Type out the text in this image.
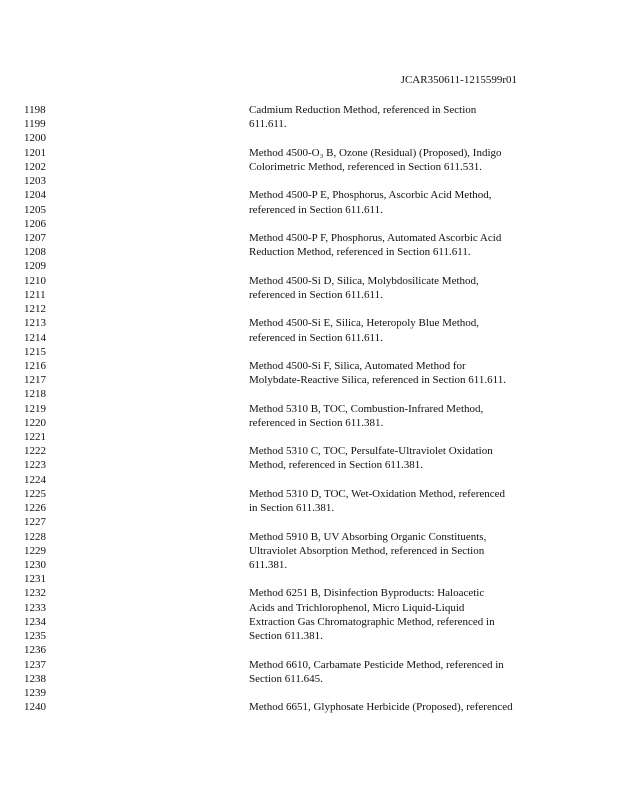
JCAR350611-1215599r01
1198	Cadmium Reduction Method, referenced in Section
1199	611.611.
1200
1201	Method 4500-O₃ B, Ozone (Residual) (Proposed), Indigo
1202	Colorimetric Method, referenced in Section 611.531.
1203
1204	Method 4500-P E, Phosphorus, Ascorbic Acid Method,
1205	referenced in Section 611.611.
1206
1207	Method 4500-P F, Phosphorus, Automated Ascorbic Acid
1208	Reduction Method, referenced in Section 611.611.
1209
1210	Method 4500-Si D, Silica, Molybdosilicate Method,
1211	referenced in Section 611.611.
1212
1213	Method 4500-Si E, Silica, Heteropoly Blue Method,
1214	referenced in Section 611.611.
1215
1216	Method 4500-Si F, Silica, Automated Method for
1217	Molybdate-Reactive Silica, referenced in Section 611.611.
1218
1219	Method 5310 B, TOC, Combustion-Infrared Method,
1220	referenced in Section 611.381.
1221
1222	Method 5310 C, TOC, Persulfate-Ultraviolet Oxidation
1223	Method, referenced in Section 611.381.
1224
1225	Method 5310 D, TOC, Wet-Oxidation Method, referenced
1226	in Section 611.381.
1227
1228	Method 5910 B, UV Absorbing Organic Constituents,
1229	Ultraviolet Absorption Method, referenced in Section
1230	611.381.
1231
1232	Method 6251 B, Disinfection Byproducts: Haloacetic
1233	Acids and Trichlorophenol, Micro Liquid-Liquid
1234	Extraction Gas Chromatographic Method, referenced in
1235	Section 611.381.
1236
1237	Method 6610, Carbamate Pesticide Method, referenced in
1238	Section 611.645.
1239
1240	Method 6651, Glyphosate Herbicide (Proposed), referenced
